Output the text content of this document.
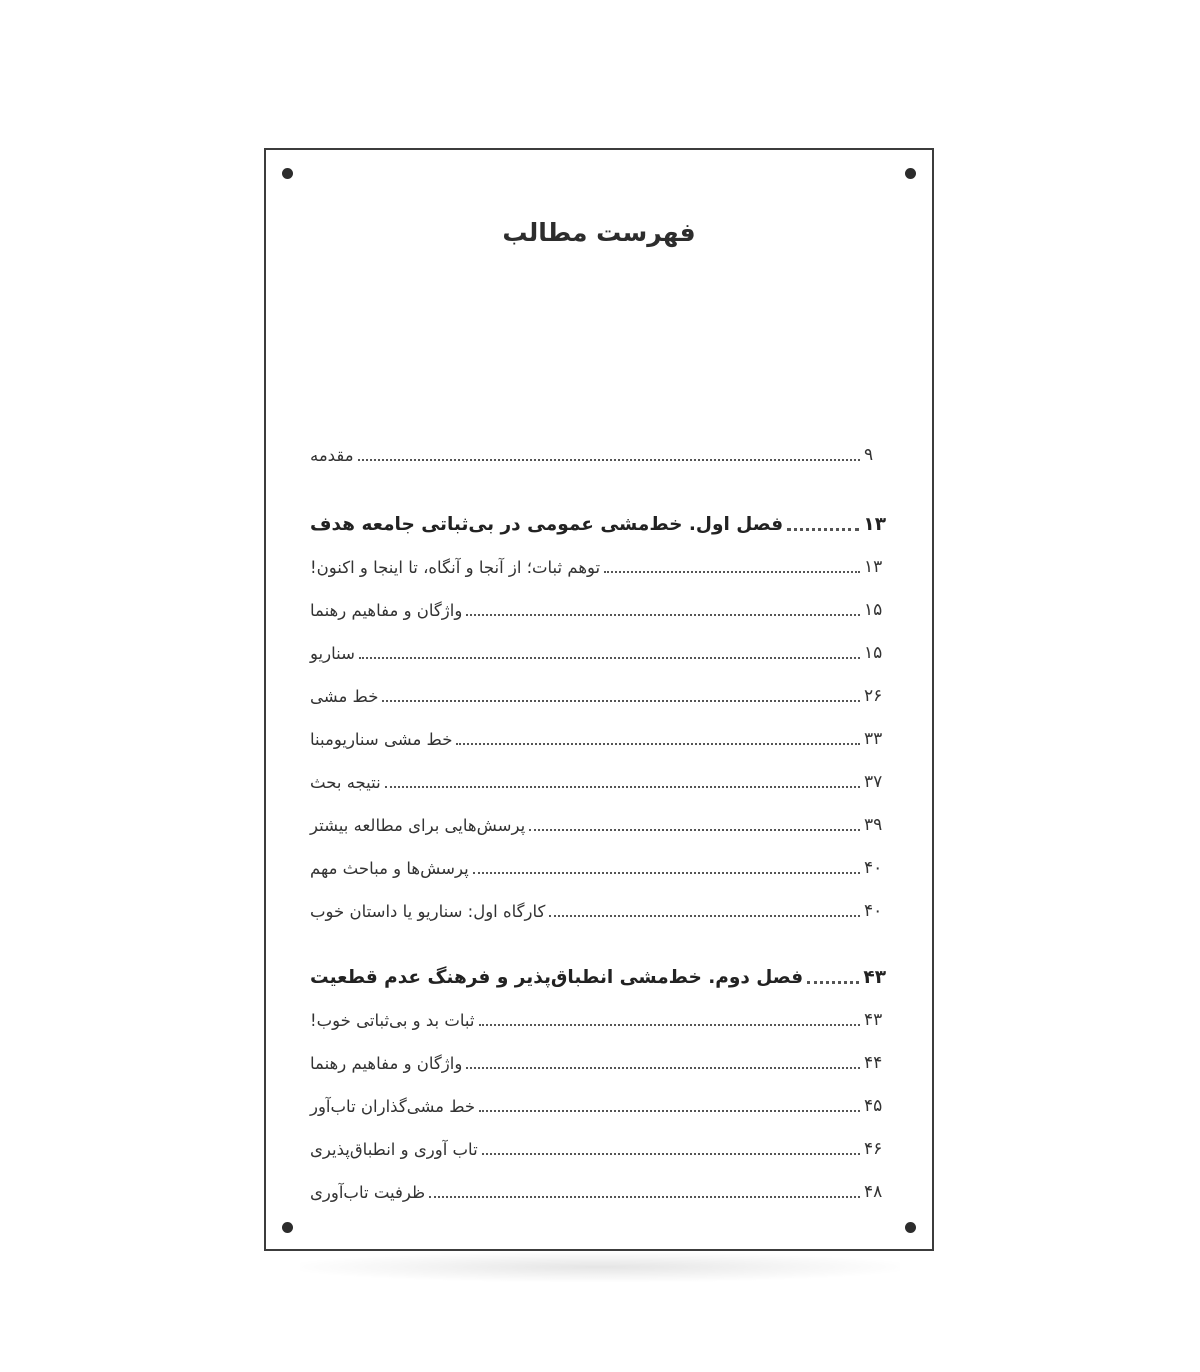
فهرست مطالب
مقدمه	۹
فصل اول. خط‌مشی عمومی در بی‌ثباتی جامعه هدف	۱۳
توهم ثبات؛ از آنجا و آنگاه، تا اینجا و اکنون!	۱۳
واژگان و مفاهیم رهنما	۱۵
سناریو	۱۵
خط مشی	۲۶
خط مشی سناریومبنا	۳۳
نتیجه بحث	۳۷
پرسش‌هایی برای مطالعه بیشتر	۳۹
پرسش‌ها و مباحث مهم	۴۰
کارگاه اول: سناریو یا داستان خوب	۴۰
فصل دوم. خط‌مشی انطباق‌پذیر و فرهنگ عدم قطعیت	۴۳
ثبات بد و بی‌ثباتی خوب!	۴۳
واژگان و مفاهیم رهنما	۴۴
خط مشی‌گذاران تاب‌آور	۴۵
تاب آوری و انطباق‌پذیری	۴۶
ظرفیت تاب‌آوری	۴۸
